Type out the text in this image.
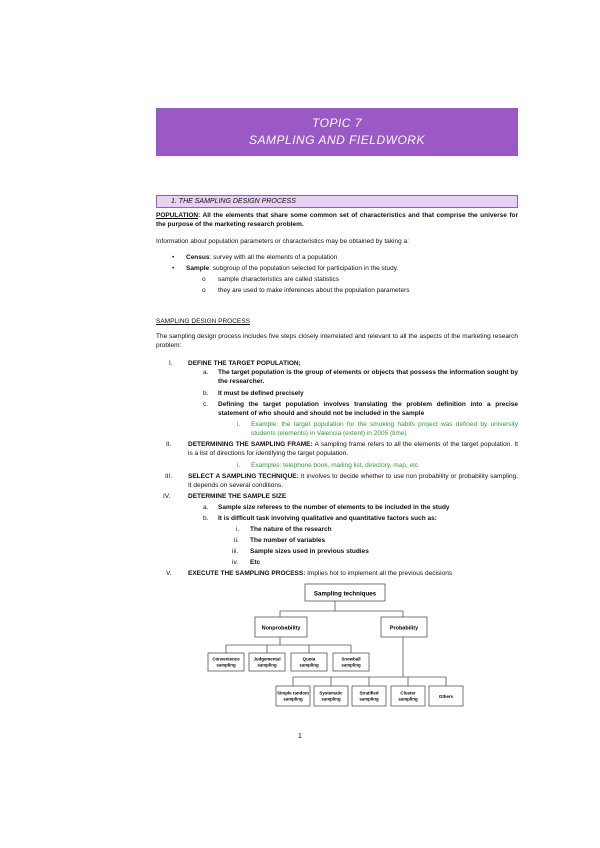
TOPIC 7
SAMPLING AND FIELDWORK
1. THE SAMPLING DESIGN PROCESS
POPULATION: All the elements that share some common set of characteristics and that comprise the universe for the purpose of the marketing research problem.
Information about population parameters or characteristics may be obtained by taking a:
• Census: survey with all the elements of a population
• Sample: subgroup of the population selected for participation in the study.
o sample characteristics are called statistics
o they are used to make inferences about the population parameters
SAMPLING DESIGN PROCESS
The sampling design process includes five steps closely interrelated and relevant to all the aspects of the marketing research problem:
I. DEFINE THE TARGET POPULATION;
a. The target population is the group of elements or objects that possess the information sought by the researcher.
b. It must be defined precisely
c. Defining the target population involves translating the problem definition into a precise statement of who should and should not be included in the sample
i. Example: the target population for the smoking habits project was defined by university students (elements) in Valencia (extent) in 2005 (time)
II.	DETERMINING THE SAMPLING FRAME: A sampling frame refers to all the elements of the target population. It is a list of directions for identifying the target population.
i. Examples: telephone book, mailing list, directory, map, etc
III. SELECT A SAMPLING TECHNIQUE: It involves to decide whether to use non probability or probability sampling. It depends on several conditions.
IV.	DETERMINE THE SAMPLE SIZE
a. Sample size referees to the number of elements to be included in the study
b. It is difficult task involving qualitative and quantitative factors such as:
i. The nature of the research
ii. The number of variables
iii. Sample sizes used in previous studies
iv. Etc
V.	EXECUTE THE SAMPLING PROCESS: Implies hot to implement all the previous decisions
Sampling techniques
Nonprobability	Probability
Convenience
sampling
Judgemental
sampling
Quota
sampling
Snowball
sampling
Simple random
sampling
Systematic
sampling
Stratified
sampling
Cluster
sampling	Others
1
